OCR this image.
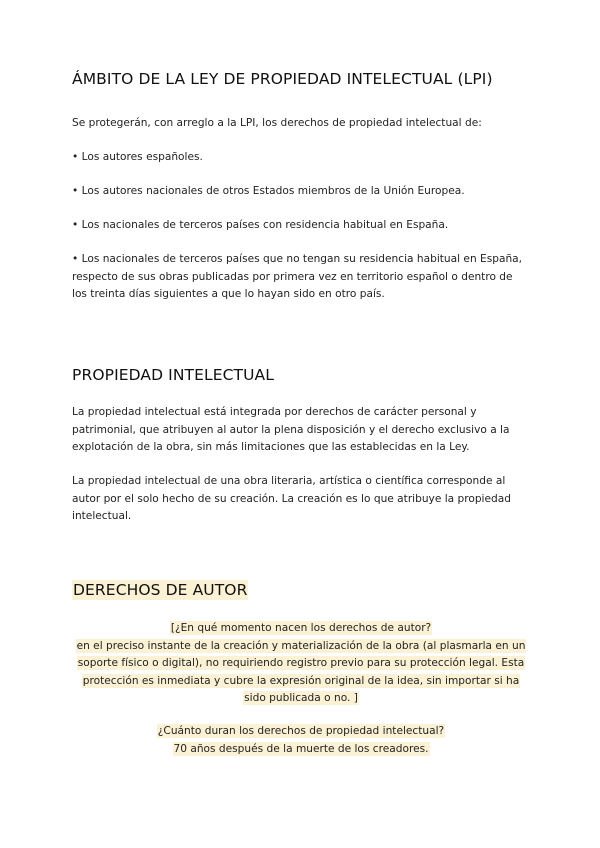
ÁMBITO DE LA LEY DE PROPIEDAD INTELECTUAL (LPI)

Se protegerán, con arreglo a la LPI, los derechos de propiedad intelectual de:

• Los autores españoles.

• Los autores nacionales de otros Estados miembros de la Unión Europea.

• Los nacionales de terceros países con residencia habitual en España.

• Los nacionales de terceros países que no tengan su residencia habitual en España, respecto de sus obras publicadas por primera vez en territorio español o dentro de los treinta días siguientes a que lo hayan sido en otro país.

PROPIEDAD INTELECTUAL

La propiedad intelectual está integrada por derechos de carácter personal y patrimonial, que atribuyen al autor la plena disposición y el derecho exclusivo a la explotación de la obra, sin más limitaciones que las establecidas en la Ley.

La propiedad intelectual de una obra literaria, artística o científica corresponde al autor por el solo hecho de su creación. La creación es lo que atribuye la propiedad intelectual.

DERECHOS DE AUTOR

[¿En qué momento nacen los derechos de autor?
en el preciso instante de la creación y materialización de la obra (al plasmarla en un soporte físico o digital), no requiriendo registro previo para su protección legal. Esta protección es inmediata y cubre la expresión original de la idea, sin importar si ha sido publicada o no. ]

¿Cuánto duran los derechos de propiedad intelectual?
70 años después de la muerte de los creadores.
